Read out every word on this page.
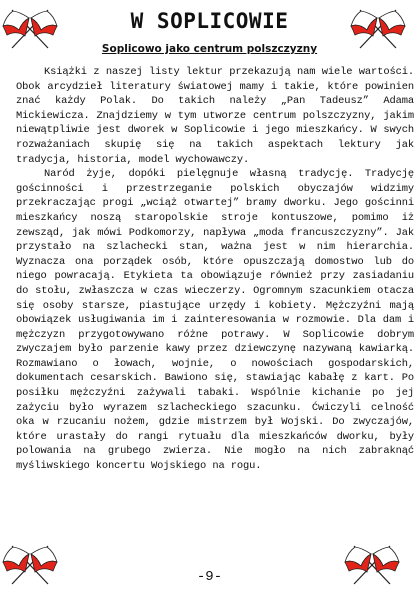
W SOPLICOWIE
Soplicowo jako centrum polszczyzny

Książki z naszej listy lektur przekazują nam wiele wartości. Obok arcydzieł literatury światowej mamy i takie, które powinien znać każdy Polak. Do takich należy „Pan Tadeusz” Adama Mickiewicza. Znajdziemy w tym utworze centrum polszczyzny, jakim niewątpliwie jest dworek w Soplicowie i jego mieszkańcy. W swych rozważaniach skupię się na takich aspektach lektury jak tradycja, historia, model wychowawczy.

Naród żyje, dopóki pielęgnuje własną tradycję. Tradycję gościnności i przestrzeganie polskich obyczajów widzimy przekraczając progi „wciąż otwartej” bramy dworku. Jego gościnni mieszkańcy noszą staropolskie stroje kontuszowe, pomimo iż zewsząd, jak mówi Podkomorzy, napływa „moda francuszczyzny”. Jak przystało na szlachecki stan, ważna jest w nim hierarchia. Wyznacza ona porządek osób, które opuszczają domostwo lub do niego powracają. Etykieta ta obowiązuje również przy zasiadaniu do stołu, zwłaszcza w czas wieczerzy. Ogromnym szacunkiem otacza się osoby starsze, piastujące urzędy i kobiety. Mężczyźni mają obowiązek usługiwania im i zainteresowania w rozmowie. Dla dam i mężczyzn przygotowywano różne potrawy. W Soplicowie dobrym zwyczajem było parzenie kawy przez dziewczynę nazywaną kawiarką. Rozmawiano o łowach, wojnie, o nowościach gospodarskich, dokumentach cesarskich. Bawiono się, stawiając kabałę z kart. Po posiłku mężczyźni zażywali tabaki. Wspólnie kichanie po jej zażyciu było wyrazem szlacheckiego szacunku. Ćwiczyli celność oka w rzucaniu nożem, gdzie mistrzem był Wojski. Do zwyczajów, które urastały do rangi rytuału dla mieszkańców dworku, były polowania na grubego zwierza. Nie mogło na nich zabraknąć myśliwskiego koncertu Wojskiego na rogu.

-9-
